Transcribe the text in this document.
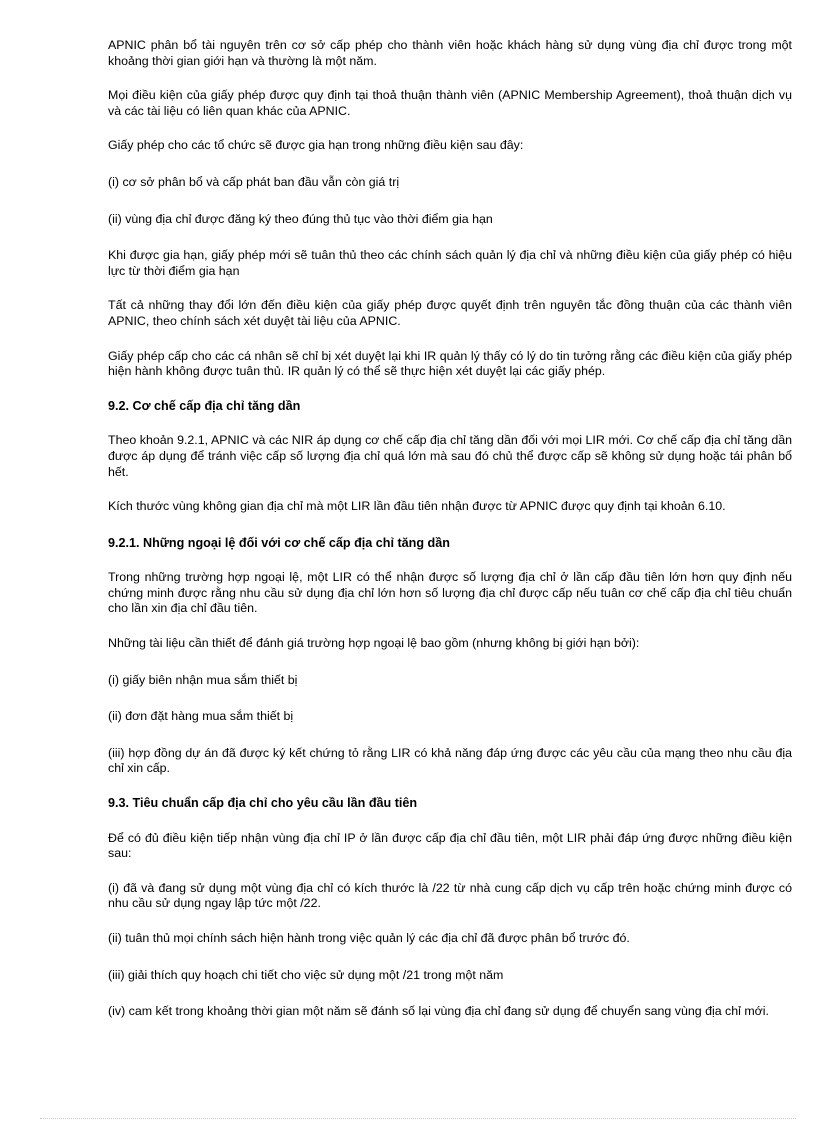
APNIC phân bổ tài nguyên trên cơ sở cấp phép cho thành viên hoặc khách hàng sử dụng vùng địa chỉ được trong một khoảng thời gian giới hạn và thường là một năm.

Mọi điều kiện của giấy phép được quy định tại thoả thuận thành viên (APNIC Membership Agreement), thoả thuận dịch vụ và các tài liệu có liên quan khác của APNIC.

Giấy phép cho các tổ chức sẽ được gia hạn trong những điều kiện sau đây:

(i) cơ sở phân bổ và cấp phát ban đầu vẫn còn giá trị

(ii) vùng địa chỉ được đăng ký theo đúng thủ tục vào thời điểm gia hạn

Khi được gia hạn, giấy phép mới sẽ tuân thủ theo các chính sách quản lý địa chỉ và những điều kiện của giấy phép có hiệu lực từ thời điểm gia hạn

Tất cả những thay đổi lớn đến điều kiện của giấy phép được quyết định trên nguyên tắc đồng thuận của các thành viên APNIC, theo chính sách xét duyệt tài liệu của APNIC.

Giấy phép cấp cho các cá nhân sẽ chỉ bị xét duyệt lại khi IR quản lý thấy có lý do tin tưởng rằng các điều kiện của giấy phép hiện hành không được tuân thủ. IR quản lý có thể sẽ thực hiện xét duyệt lại các giấy phép.

9.2. Cơ chế cấp địa chỉ tăng dần

Theo khoản 9.2.1, APNIC và các NIR áp dụng cơ chế cấp địa chỉ tăng dần đối với mọi LIR mới. Cơ chế cấp địa chỉ tăng dần được áp dụng để tránh việc cấp số lượng địa chỉ quá lớn mà sau đó chủ thể được cấp sẽ không sử dụng hoặc tái phân bổ hết.

Kích thước vùng không gian địa chỉ mà một LIR lần đầu tiên nhận được từ APNIC được quy định tại khoản 6.10.

9.2.1. Những ngoại lệ đối với cơ chế cấp địa chỉ tăng dần

Trong những trường hợp ngoại lệ, một LIR có thể nhận được số lượng địa chỉ ở lần cấp đầu tiên lớn hơn quy định nếu chứng minh được rằng nhu cầu sử dụng địa chỉ lớn hơn số lượng địa chỉ được cấp nếu tuân cơ chế cấp địa chỉ tiêu chuẩn cho lần xin địa chỉ đầu tiên.

Những tài liệu cần thiết để đánh giá trường hợp ngoại lệ bao gồm (nhưng không bị giới hạn bởi):

(i) giấy biên nhận mua sắm thiết bị

(ii) đơn đặt hàng mua sắm thiết bị

(iii) hợp đồng dự án đã được ký kết chứng tỏ rằng LIR có khả năng đáp ứng được các yêu cầu của mạng theo nhu cầu địa chỉ xin cấp.

9.3. Tiêu chuẩn cấp địa chỉ cho yêu cầu lần đầu tiên

Để có đủ điều kiện tiếp nhận vùng địa chỉ IP ở lần được cấp địa chỉ đầu tiên, một LIR phải đáp ứng được những điều kiện sau:

(i) đã và đang sử dụng một vùng địa chỉ có kích thước là /22 từ nhà cung cấp dịch vụ cấp trên hoặc chứng minh được có nhu cầu sử dụng ngay lập tức một /22.

(ii) tuân thủ mọi chính sách hiện hành trong việc quản lý các địa chỉ đã được phân bổ trước đó.

(iii) giải thích quy hoạch chi tiết cho việc sử dụng một /21 trong một năm

(iv) cam kết trong khoảng thời gian một năm sẽ đánh số lại vùng địa chỉ đang sử dụng để chuyển sang vùng địa chỉ mới.
